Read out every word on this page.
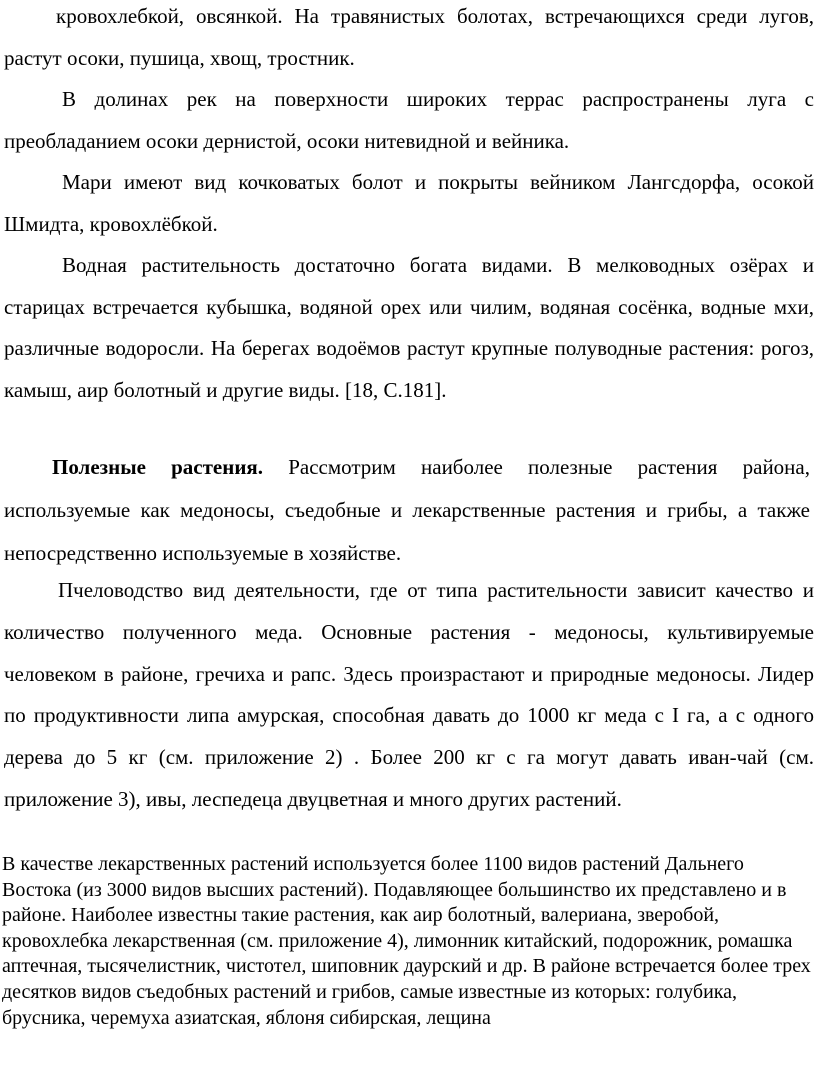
кровохлебкой, овсянкой. На травянистых болотах, встречающихся среди лугов, растут осоки, пушица, хвощ, тростник.

В долинах рек на поверхности широких террас распространены луга с преобладанием осоки дернистой, осоки нитевидной и вейника.

Мари имеют вид кочковатых болот и покрыты вейником Лангсдорфа, осокой Шмидта, кровохлёбкой.

Водная растительность достаточно богата видами. В мелководных озёрах и старицах встречается кубышка, водяной орех или чилим, водяная сосёнка, водные мхи, различные водоросли. На берегах водоёмов растут крупные полуводные растения: рогоз, камыш, аир болотный и другие виды. [18, С.181].

Полезные растения. Рассмотрим наиболее полезные растения района, используемые как медоносы, съедобные и лекарственные растения и грибы, а также непосредственно используемые в хозяйстве.

Пчеловодство вид деятельности, где от типа растительности зависит качество и количество полученного меда. Основные растения - медоносы, культивируемые человеком в районе, гречиха и рапс. Здесь произрастают и природные медоносы. Лидер по продуктивности липа амурская, способная давать до 1000 кг меда с I га, а с одного дерева до 5 кг (см. приложение 2) . Более 200 кг с га могут давать иван-чай (см. приложение 3), ивы, леспедеца двуцветная и много других растений.

В качестве лекарственных растений используется более 1100 видов растений Дальнего Востока (из 3000 видов высших растений). Подавляющее большинство их представлено и в районе. Наиболее известны такие растения, как аир болотный, валериана, зверобой, кровохлебка лекарственная (см. приложение 4), лимонник китайский, подорожник, ромашка аптечная, тысячелистник, чистотел, шиповник даурский и др. В районе встречается более трех десятков видов съедобных растений и грибов, самые известные из которых: голубика, брусника, черемуха азиатская, яблоня сибирская, лещина
